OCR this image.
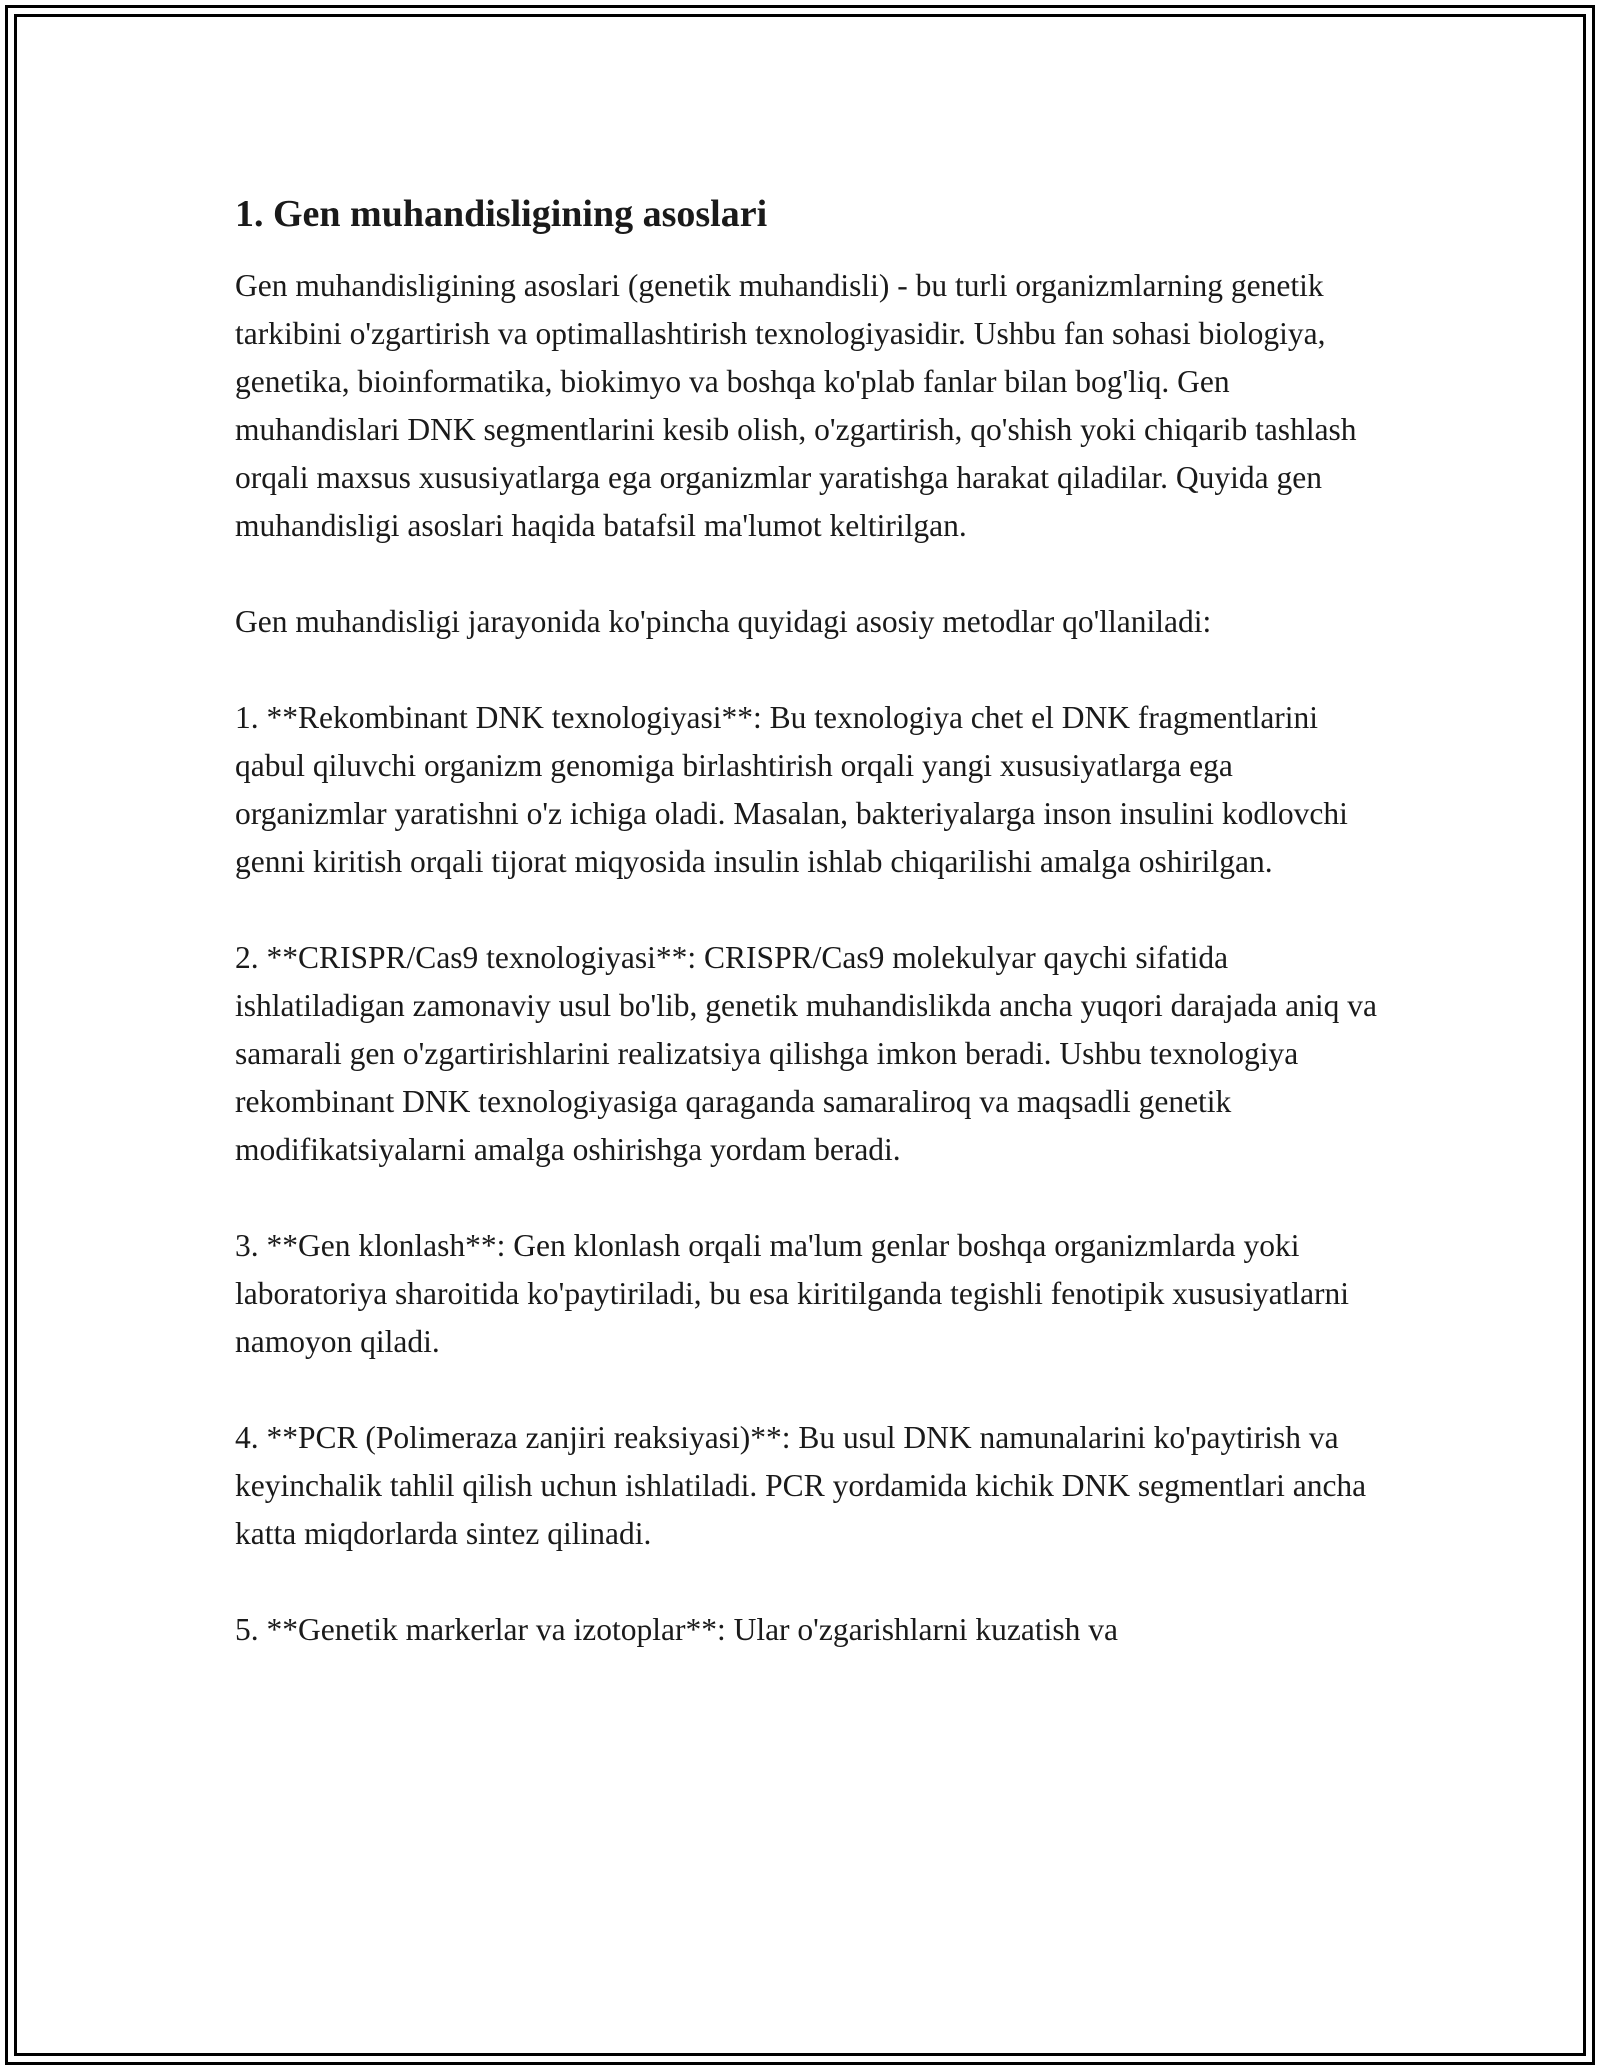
1. Gen muhandisligining asoslari

Gen muhandisligining asoslari (genetik muhandisli) - bu turli organizmlarning genetik tarkibini o'zgartirish va optimallashtirish texnologiyasidir. Ushbu fan sohasi biologiya, genetika, bioinformatika, biokimyo va boshqa ko'plab fanlar bilan bog'liq. Gen muhandislari DNK segmentlarini kesib olish, o'zgartirish, qo'shish yoki chiqarib tashlash orqali maxsus xususiyatlarga ega organizmlar yaratishga harakat qiladilar. Quyida gen muhandisligi asoslari haqida batafsil ma'lumot keltirilgan.

Gen muhandisligi jarayonida ko'pincha quyidagi asosiy metodlar qo'llaniladi:

1. **Rekombinant DNK texnologiyasi**: Bu texnologiya chet el DNK fragmentlarini qabul qiluvchi organizm genomiga birlashtirish orqali yangi xususiyatlarga ega organizmlar yaratishni o'z ichiga oladi. Masalan, bakteriyalarga inson insulini kodlovchi genni kiritish orqali tijorat miqyosida insulin ishlab chiqarilishi amalga oshirilgan.

2. **CRISPR/Cas9 texnologiyasi**: CRISPR/Cas9 molekulyar qaychi sifatida ishlatiladigan zamonaviy usul bo'lib, genetik muhandislikda ancha yuqori darajada aniq va samarali gen o'zgartirishlarini realizatsiya qilishga imkon beradi. Ushbu texnologiya rekombinant DNK texnologiyasiga qaraganda samaraliroq va maqsadli genetik modifikatsiyalarni amalga oshirishga yordam beradi.

3. **Gen klonlash**: Gen klonlash orqali ma'lum genlar boshqa organizmlarda yoki laboratoriya sharoitida ko'paytiriladi, bu esa kiritilganda tegishli fenotipik xususiyatlarni namoyon qiladi.

4. **PCR (Polimeraza zanjiri reaksiyasi)**: Bu usul DNK namunalarini ko'paytirish va keyinchalik tahlil qilish uchun ishlatiladi. PCR yordamida kichik DNK segmentlari ancha katta miqdorlarda sintez qilinadi.

5. **Genetik markerlar va izotoplar**: Ular o'zgarishlarni kuzatish va
